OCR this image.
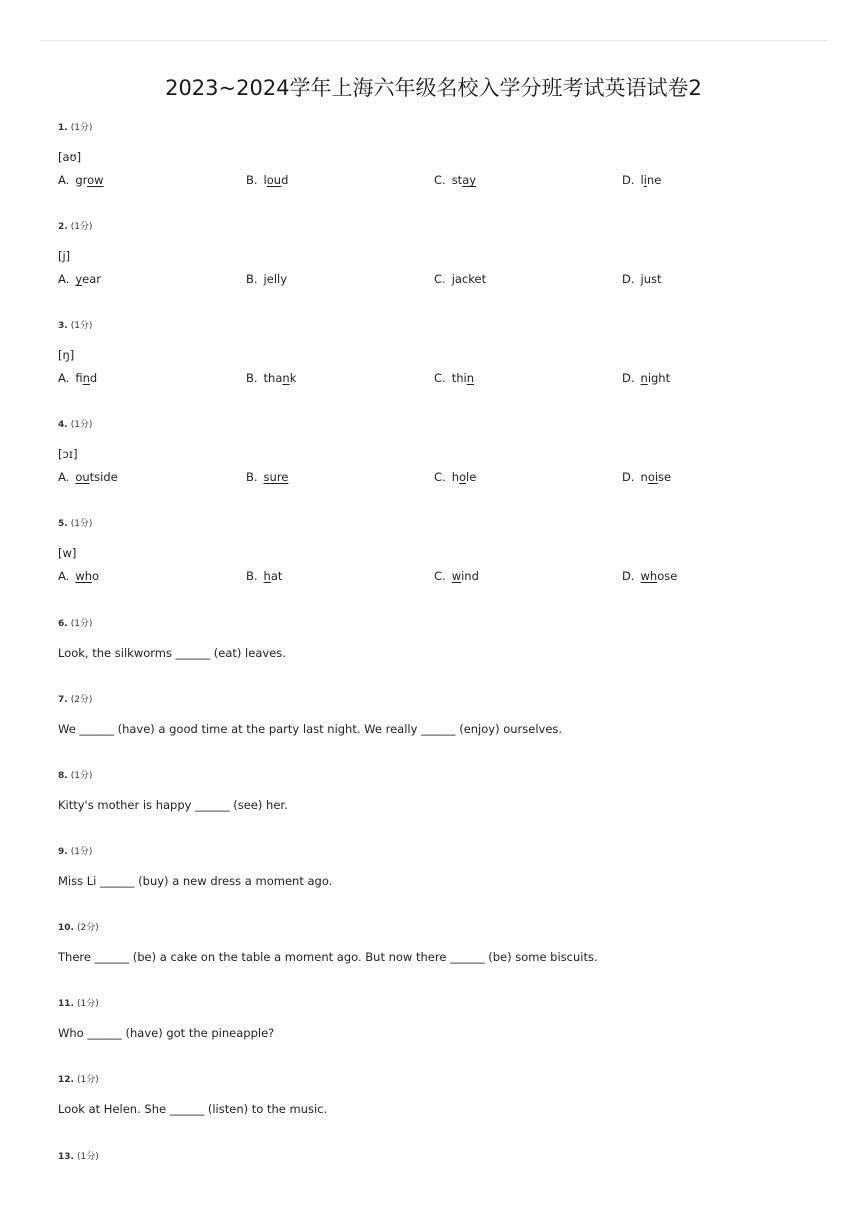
2023~2024学年上海六年级名校入学分班考试英语试卷2
1. (1分)
[aʊ]
A. grow	B. loud	C. stay	D. line
2. (1分)
[j]
A. year	B. jelly	C. jacket	D. just
3. (1分)
[ŋ]
A. find	B. thank	C. thin	D. night
4. (1分)
[ɔɪ]
A. outside	B. sure	C. hole	D. noise
5. (1分)
[w]
A. who	B. hat	C. wind	D. whose
6. (1分)
Look, the silkworms ______ (eat) leaves.
7. (2分)
We ______ (have) a good time at the party last night. We really ______ (enjoy) ourselves.
8. (1分)
Kitty's mother is happy ______ (see) her.
9. (1分)
Miss Li ______ (buy) a new dress a moment ago.
10. (2分)
There ______ (be) a cake on the table a moment ago. But now there ______ (be) some biscuits.
11. (1分)
Who ______ (have) got the pineapple?
12. (1分)
Look at Helen. She ______ (listen) to the music.
13. (1分)
